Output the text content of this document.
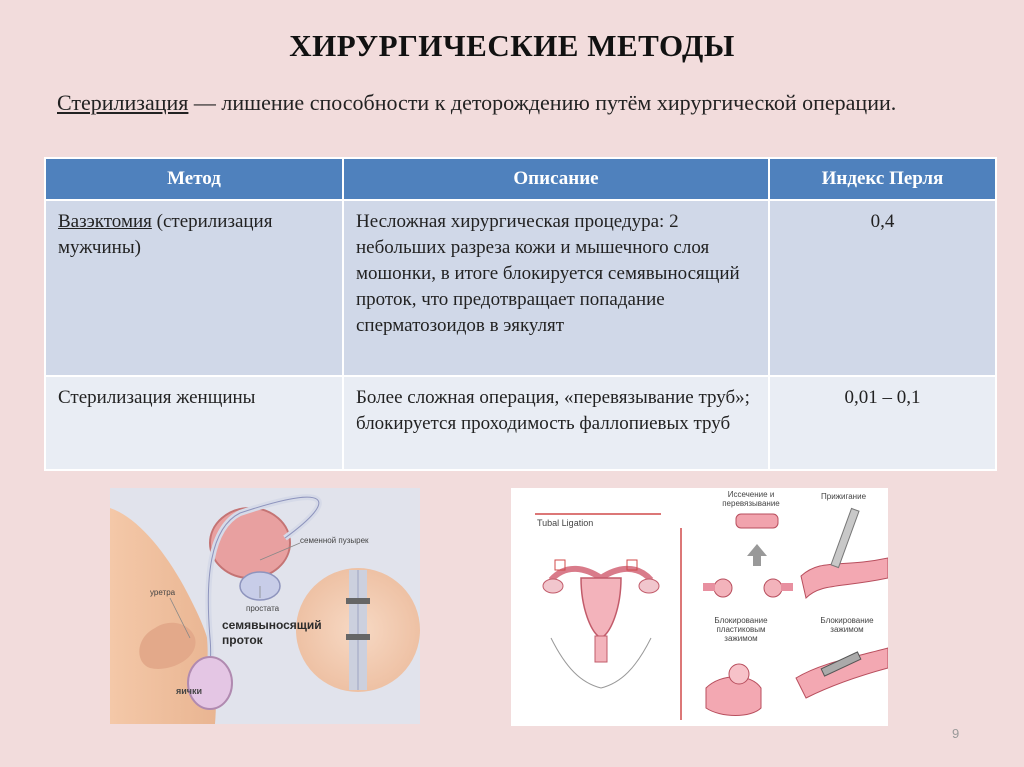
ХИРУРГИЧЕСКИЕ МЕТОДЫ
Стерилизация — лишение способности к деторождению путём хирургической операции.
Метод	Описание	Индекс Перля
Вазэктомия (стерилизация мужчины)	Несложная хирургическая процедура: 2 небольших разреза кожи и мышечного слоя мошонки, в итоге блокируется семявыносящий проток, что предотвращает попадание сперматозоидов в эякулят	0,4
Стерилизация женщины	Более сложная операция, «перевязывание труб»; блокируется проходимость фаллопиевых труб	0,01 – 0,1
семенной пузырек
простата
уретра
семявыносящий
проток
яички
Tubal Ligation
Иссечение и
перевязывание
Прижигание
Блокирование
пластиковым
зажимом
Блокирование
зажимом
9
